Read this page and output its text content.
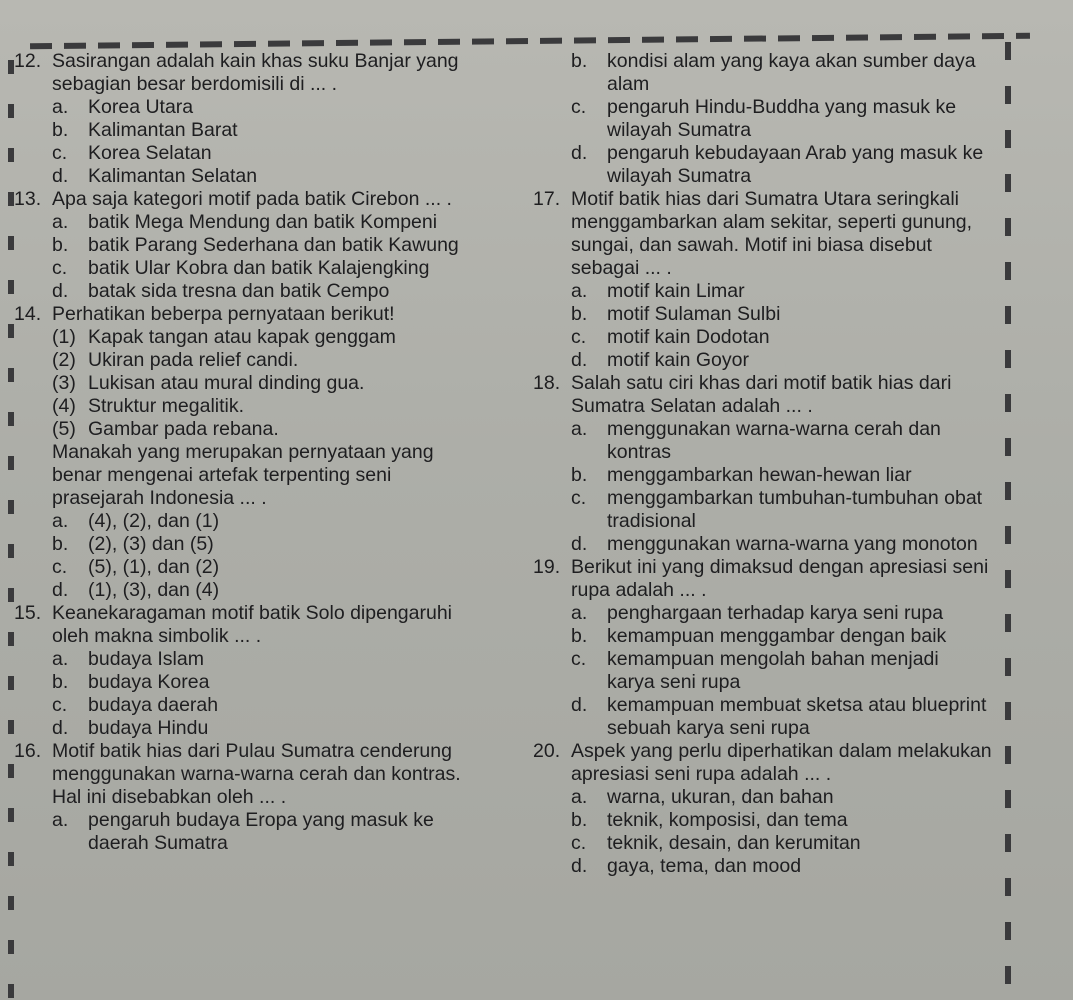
12. Sasirangan adalah kain khas suku Banjar yang
sebagian besar berdomisili di ... .
a.	Korea Utara
b.	Kalimantan Barat
c.	Korea Selatan
d.	Kalimantan Selatan
13. Apa saja kategori motif pada batik Cirebon ... .
a.	batik Mega Mendung dan batik Kompeni
b.	batik Parang Sederhana dan batik Kawung
c.	batik Ular Kobra dan batik Kalajengking
d.	batak sida tresna dan batik Cempo
14. Perhatikan beberpa pernyataan berikut!
(1) Kapak tangan atau kapak genggam
(2) Ukiran pada relief candi.
(3) Lukisan atau mural dinding gua.
(4) Struktur megalitik.
(5) Gambar pada rebana.
Manakah yang merupakan pernyataan yang
benar mengenai artefak terpenting seni
prasejarah Indonesia ... .
a.	(4), (2), dan (1)
b.	(2), (3) dan (5)
c.	(5), (1), dan (2)
d.	(1), (3), dan (4)
15. Keanekaragaman motif batik Solo dipengaruhi
oleh makna simbolik ... .
a.	budaya Islam
b.	budaya Korea
c.	budaya daerah
d.	budaya Hindu
16. Motif batik hias dari Pulau Sumatra cenderung
menggunakan warna-warna cerah dan kontras.
Hal ini disebabkan oleh ... .
a.	pengaruh budaya Eropa yang masuk ke
daerah Sumatra
b.	kondisi alam yang kaya akan sumber daya
alam
c.	pengaruh Hindu-Buddha yang masuk ke
wilayah Sumatra
d.	pengaruh kebudayaan Arab yang masuk ke
wilayah Sumatra
17. Motif batik hias dari Sumatra Utara seringkali
menggambarkan alam sekitar, seperti gunung,
sungai, dan sawah. Motif ini biasa disebut
sebagai ... .
a.	motif kain Limar
b.	motif Sulaman Sulbi
c.	motif kain Dodotan
d.	motif kain Goyor
18. Salah satu ciri khas dari motif batik hias dari
Sumatra Selatan adalah ... .
a.	menggunakan warna-warna cerah dan
kontras
b.	menggambarkan hewan-hewan liar
c.	menggambarkan tumbuhan-tumbuhan obat
tradisional
d.	menggunakan warna-warna yang monoton
19. Berikut ini yang dimaksud dengan apresiasi seni
rupa adalah ... .
a.	penghargaan terhadap karya seni rupa
b.	kemampuan menggambar dengan baik
c.	kemampuan mengolah bahan menjadi
karya seni rupa
d.	kemampuan membuat sketsa atau blueprint
sebuah karya seni rupa
20. Aspek yang perlu diperhatikan dalam melakukan
apresiasi seni rupa adalah ... .
a.	warna, ukuran, dan bahan
b.	teknik, komposisi, dan tema
c.	teknik, desain, dan kerumitan
d.	gaya, tema, dan mood
